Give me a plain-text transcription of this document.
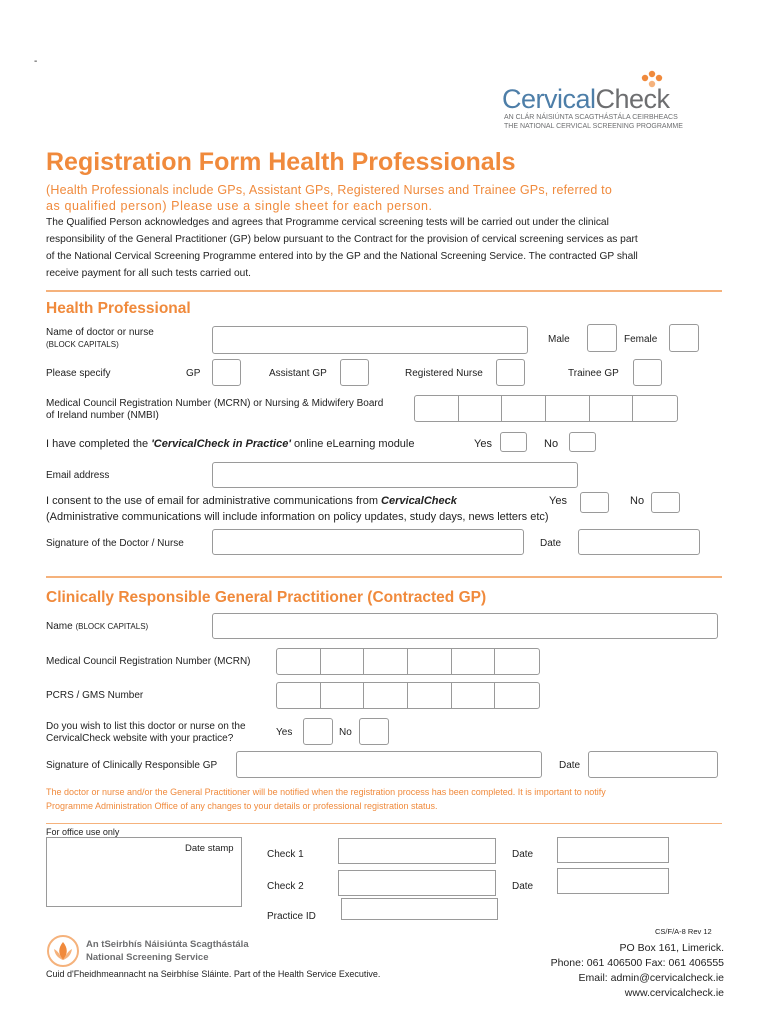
-
CervicalCheck
AN CLÁR NÁISIÚNTA SCAGTHÁSTÁLA CEIRBHEACS
THE NATIONAL CERVICAL SCREENING PROGRAMME
Registration Form Health Professionals
(Health Professionals include GPs, Assistant GPs, Registered Nurses and Trainee GPs, referred to
as qualified person) Please use a single sheet for each person.
The Qualified Person acknowledges and agrees that Programme cervical screening tests will be carried out under the clinical
responsibility of the General Practitioner (GP) below pursuant to the Contract for the provision of cervical screening services as part
of the National Cervical Screening Programme entered into by the GP and the National Screening Service. The contracted GP shall
receive payment for all such tests carried out.
Health Professional
Name of doctor or nurse
(BLOCK CAPITALS)	Male	Female
Please specify	GP	Assistant GP	Registered Nurse	Trainee GP
Medical Council Registration Number (MCRN) or Nursing & Midwifery Board
of Ireland number (NMBI)
I have completed the 'CervicalCheck in Practice' online eLearning module	Yes	No
Email address
I consent to the use of email for administrative communications from CervicalCheck	Yes	No
(Administrative communications will include information on policy updates, study days, news letters etc)
Signature of the Doctor / Nurse	Date
Clinically Responsible General Practitioner (Contracted GP)
Name (BLOCK CAPITALS)
Medical Council Registration Number (MCRN)
PCRS / GMS Number
Do you wish to list this doctor or nurse on the
CervicalCheck website with your practice?
Yes	No
Signature of Clinically Responsible GP	Date
The doctor or nurse and/or the General Practitioner will be notified when the registration process has been completed. It is important to notify
Programme Administration Office of any changes to your details or professional registration status.
For office use only
Date stamp
Check 1	Date
Check 2	Date
Practice ID
CS/F/A-8 Rev 12
An tSeirbhís Náisiúnta Scagthástála
National Screening Service
Cuid d'Fheidhmeannacht na Seirbhíse Sláinte. Part of the Health Service Executive.
PO Box 161, Limerick.
Phone: 061 406500 Fax: 061 406555
Email: admin@cervicalcheck.ie
www.cervicalcheck.ie
